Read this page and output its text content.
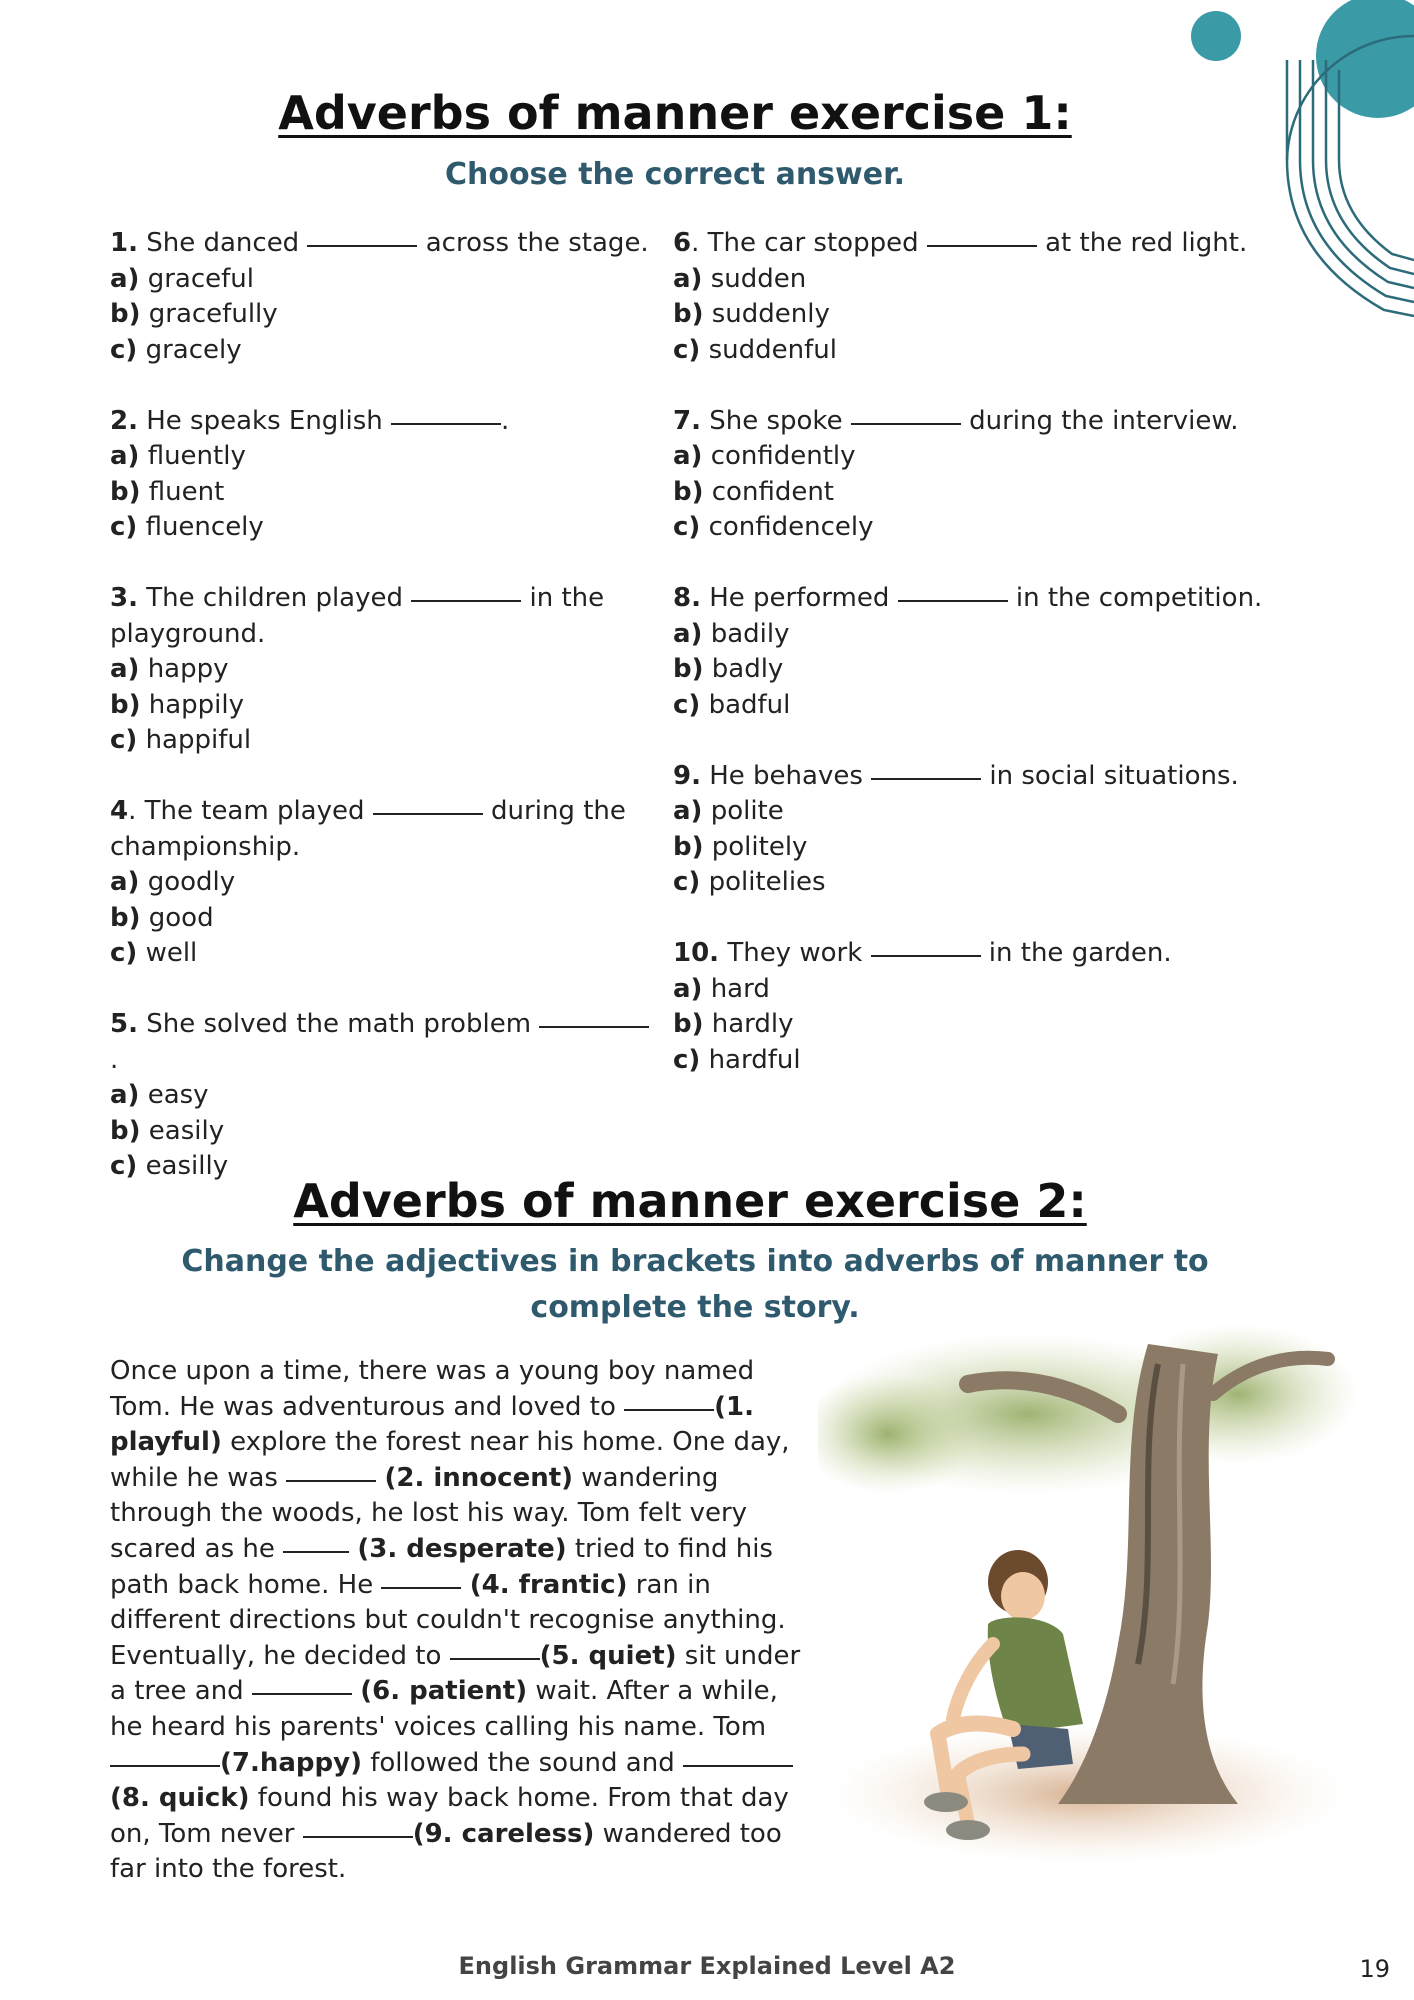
Adverbs of manner exercise 1:

Choose the correct answer.

1. She danced	across the stage.

a) graceful

b) gracefully

c) gracely

2. He speaks English	.

a) fluently

b) fluent

c) fluencely

3. The children played	in the

playground.

a) happy

b) happily

c) happiful

4. The team played	during the

championship.

a) goodly

b) good

c) well

5. She solved the math problem .

a) easy

b) easily

c) easilly

6. The car stopped	at the red light.

a) sudden

b) suddenly

c) suddenful

7. She spoke	during the interview.

a) confidently

b) confident

c) confidencely

8. He performed	in the competition.

a) badily

b) badly

c) badful

9. He behaves	in social situations.

a) polite

b) politely

c) politelies

10. They work	in the garden.

a) hard

b) hardly

c) hardful

Adverbs of manner exercise 2:

Change the adjectives in brackets into adverbs of manner to complete the story.

Once upon a time, there was a young boy named Tom. He was adventurous and loved to	(1. playful) explore the forest near his home. One day, while he was	(2. innocent) wandering through the woods, he lost his way. Tom felt very scared as he	(3. desperate) tried to find his path back home. He	(4. frantic) ran in different directions but couldn't recognise anything. Eventually, he decided to	(5. quiet) sit under a tree and	(6. patient) wait. After a while, he heard his parents' voices calling his name. Tom (7.happy) followed the sound and  (8. quick) found his way back home. From that day on, Tom never	(9. careless) wandered too far into the forest.

English Grammar Explained Level A2	19
